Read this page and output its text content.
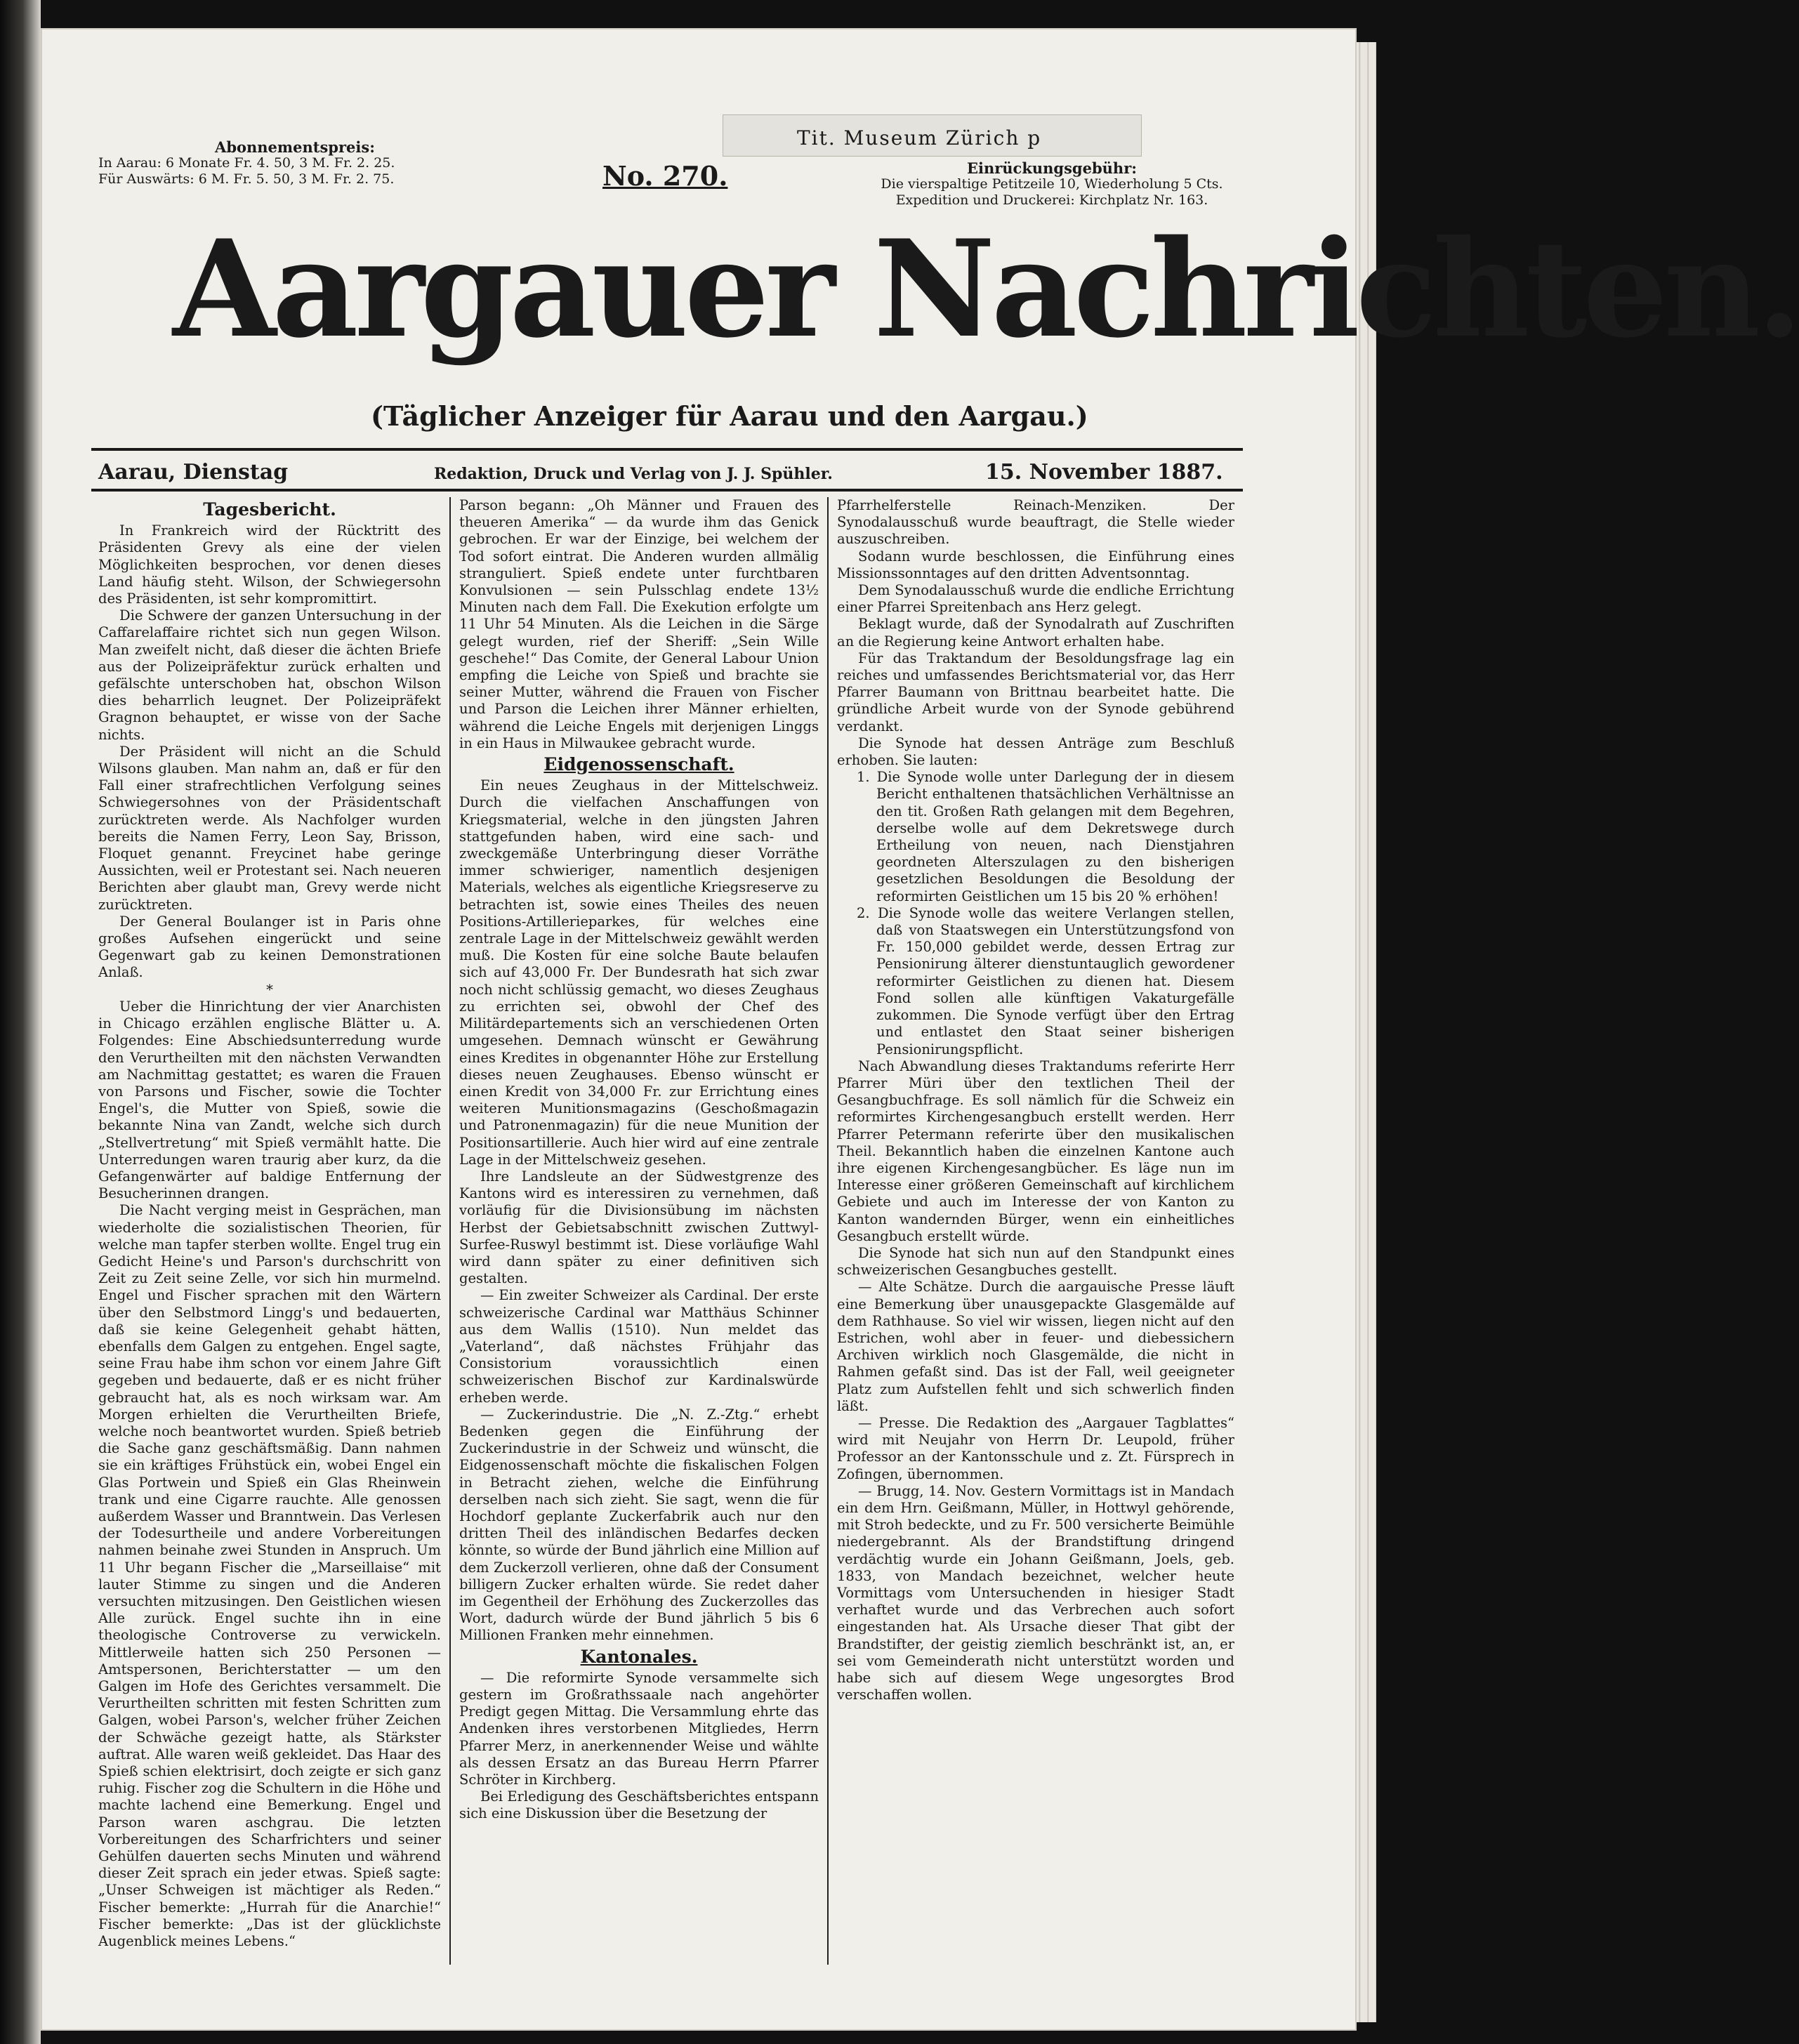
Tit. Museum Zürich p
Abonnementspreis:
In Aarau: 6 Monate Fr. 4. 50, 3 M. Fr. 2. 25.
Für Auswärts: 6 M. Fr. 5. 50, 3 M. Fr. 2. 75.	No. 270.	Einrückungsgebühr:
Die vierspaltige Petitzeile 10, Wiederholung 5 Cts.
Expedition und Druckerei: Kirchplatz Nr. 163.
Aargauer Nachrichten.
(Täglicher Anzeiger für Aarau und den Aargau.)
Aarau, Dienstag	Redaktion, Druck und Verlag von J. J. Spühler.	15. November 1887.
Tagesbericht.

In Frankreich wird der Rücktritt des Präsidenten Grevy als eine der vielen Möglichkeiten besprochen, vor denen dieses Land häufig steht. Wilson, der Schwiegersohn des Präsidenten, ist sehr kompromittirt.

Die Schwere der ganzen Untersuchung in der Caffarelaffaire richtet sich nun gegen Wilson. Man zweifelt nicht, daß dieser die ächten Briefe aus der Polizeipräfektur zurück erhalten und gefälschte unterschoben hat, obschon Wilson dies beharrlich leugnet. Der Polizeipräfekt Gragnon behauptet, er wisse von der Sache nichts.

Der Präsident will nicht an die Schuld Wilsons glauben. Man nahm an, daß er für den Fall einer strafrechtlichen Verfolgung seines Schwiegersohnes von der Präsidentschaft zurücktreten werde. Als Nachfolger wurden bereits die Namen Ferry, Leon Say, Brisson, Floquet genannt. Freycinet habe geringe Aussichten, weil er Protestant sei. Nach neueren Berichten aber glaubt man, Grevy werde nicht zurücktreten.

Der General Boulanger ist in Paris ohne großes Aufsehen eingerückt und seine Gegenwart gab zu keinen Demonstrationen Anlaß.

*

Ueber die Hinrichtung der vier Anarchisten in Chicago erzählen englische Blätter u. A. Folgendes: Eine Abschiedsunterredung wurde den Verurtheilten mit den nächsten Verwandten am Nachmittag gestattet; es waren die Frauen von Parsons und Fischer, sowie die Tochter Engel's, die Mutter von Spieß, sowie die bekannte Nina van Zandt, welche sich durch „Stellvertretung“ mit Spieß vermählt hatte. Die Unterredungen waren traurig aber kurz, da die Gefangenwärter auf baldige Entfernung der Besucherinnen drangen.

Die Nacht verging meist in Gesprächen, man wiederholte die sozialistischen Theorien, für welche man tapfer sterben wollte. Engel trug ein Gedicht Heine's und Parson's durchschritt von Zeit zu Zeit seine Zelle, vor sich hin murmelnd. Engel und Fischer sprachen mit den Wärtern über den Selbstmord Lingg's und bedauerten, daß sie keine Gelegenheit gehabt hätten, ebenfalls dem Galgen zu entgehen. Engel sagte, seine Frau habe ihm schon vor einem Jahre Gift gegeben und bedauerte, daß er es nicht früher gebraucht hat, als es noch wirksam war. Am Morgen erhielten die Verurtheilten Briefe, welche noch beantwortet wurden. Spieß betrieb die Sache ganz geschäftsmäßig. Dann nahmen sie ein kräftiges Frühstück ein, wobei Engel ein Glas Portwein und Spieß ein Glas Rheinwein trank und eine Cigarre rauchte. Alle genossen außerdem Wasser und Branntwein. Das Verlesen der Todesurtheile und andere Vorbereitungen nahmen beinahe zwei Stunden in Anspruch. Um 11 Uhr begann Fischer die „Marseillaise“ mit lauter Stimme zu singen und die Anderen versuchten mitzusingen. Den Geistlichen wiesen Alle zurück. Engel suchte ihn in eine theologische Controverse zu verwickeln. Mittlerweile hatten sich 250 Personen — Amtspersonen, Berichterstatter — um den Galgen im Hofe des Gerichtes versammelt. Die Verurtheilten schritten mit festen Schritten zum Galgen, wobei Parson's, welcher früher Zeichen der Schwäche gezeigt hatte, als Stärkster auftrat. Alle waren weiß gekleidet. Das Haar des Spieß schien elektrisirt, doch zeigte er sich ganz ruhig. Fischer zog die Schultern in die Höhe und machte lachend eine Bemerkung. Engel und Parson waren aschgrau. Die letzten Vorbereitungen des Scharfrichters und seiner Gehülfen dauerten sechs Minuten und während dieser Zeit sprach ein jeder etwas. Spieß sagte: „Unser Schweigen ist mächtiger als Reden.“ Fischer bemerkte: „Hurrah für die Anarchie!“ Fischer bemerkte: „Das ist der glücklichste Augenblick meines Lebens.“

Parson begann: „Oh Männer und Frauen des theueren Amerika“ — da wurde ihm das Genick gebrochen. Er war der Einzige, bei welchem der Tod sofort eintrat. Die Anderen wurden allmälig stranguliert. Spieß endete unter furchtbaren Konvulsionen — sein Pulsschlag endete 13½ Minuten nach dem Fall. Die Exekution erfolgte um 11 Uhr 54 Minuten. Als die Leichen in die Särge gelegt wurden, rief der Sheriff: „Sein Wille geschehe!“ Das Comite, der General Labour Union empfing die Leiche von Spieß und brachte sie seiner Mutter, während die Frauen von Fischer und Parson die Leichen ihrer Männer erhielten, während die Leiche Engels mit derjenigen Linggs in ein Haus in Milwaukee gebracht wurde.

Eidgenossenschaft.

Ein neues Zeughaus in der Mittelschweiz. Durch die vielfachen Anschaffungen von Kriegsmaterial, welche in den jüngsten Jahren stattgefunden haben, wird eine sach- und zweckgemäße Unterbringung dieser Vorräthe immer schwieriger, namentlich desjenigen Materials, welches als eigentliche Kriegsreserve zu betrachten ist, sowie eines Theiles des neuen Positions-Artillerieparkes, für welches eine zentrale Lage in der Mittelschweiz gewählt werden muß. Die Kosten für eine solche Baute belaufen sich auf 43,000 Fr. Der Bundesrath hat sich zwar noch nicht schlüssig gemacht, wo dieses Zeughaus zu errichten sei, obwohl der Chef des Militärdepartements sich an verschiedenen Orten umgesehen. Demnach wünscht er Gewährung eines Kredites in obgenannter Höhe zur Erstellung dieses neuen Zeughauses. Ebenso wünscht er einen Kredit von 34,000 Fr. zur Errichtung eines weiteren Munitionsmagazins (Geschoßmagazin und Patronenmagazin) für die neue Munition der Positionsartillerie. Auch hier wird auf eine zentrale Lage in der Mittelschweiz gesehen.

Ihre Landsleute an der Südwestgrenze des Kantons wird es interessiren zu vernehmen, daß vorläufig für die Divisionsübung im nächsten Herbst der Gebietsabschnitt zwischen Zuttwyl-Surfee-Ruswyl bestimmt ist. Diese vorläufige Wahl wird dann später zu einer definitiven sich gestalten.

— Ein zweiter Schweizer als Cardinal. Der erste schweizerische Cardinal war Matthäus Schinner aus dem Wallis (1510). Nun meldet das „Vaterland“, daß nächstes Frühjahr das Consistorium voraussichtlich einen schweizerischen Bischof zur Kardinalswürde erheben werde.

— Zuckerindustrie. Die „N. Z.-Ztg.“ erhebt Bedenken gegen die Einführung der Zuckerindustrie in der Schweiz und wünscht, die Eidgenossenschaft möchte die fiskalischen Folgen in Betracht ziehen, welche die Einführung derselben nach sich zieht. Sie sagt, wenn die für Hochdorf geplante Zuckerfabrik auch nur den dritten Theil des inländischen Bedarfes decken könnte, so würde der Bund jährlich eine Million auf dem Zuckerzoll verlieren, ohne daß der Consument billigern Zucker erhalten würde. Sie redet daher im Gegentheil der Erhöhung des Zuckerzolles das Wort, dadurch würde der Bund jährlich 5 bis 6 Millionen Franken mehr einnehmen.

Kantonales.

— Die reformirte Synode versammelte sich gestern im Großrathssaale nach angehörter Predigt gegen Mittag. Die Versammlung ehrte das Andenken ihres verstorbenen Mitgliedes, Herrn Pfarrer Merz, in anerkennender Weise und wählte als dessen Ersatz an das Bureau Herrn Pfarrer Schröter in Kirchberg.

Bei Erledigung des Geschäftsberichtes entspann sich eine Diskussion über die Besetzung der

Pfarrhelferstelle Reinach-Menziken. Der Synodalausschuß wurde beauftragt, die Stelle wieder auszuschreiben.

Sodann wurde beschlossen, die Einführung eines Missionssonntages auf den dritten Adventsonntag.

Dem Synodalausschuß wurde die endliche Errichtung einer Pfarrei Spreitenbach ans Herz gelegt.

Beklagt wurde, daß der Synodalrath auf Zuschriften an die Regierung keine Antwort erhalten habe.

Für das Traktandum der Besoldungsfrage lag ein reiches und umfassendes Berichtsmaterial vor, das Herr Pfarrer Baumann von Brittnau bearbeitet hatte. Die gründliche Arbeit wurde von der Synode gebührend verdankt.

Die Synode hat dessen Anträge zum Beschluß erhoben. Sie lauten:

1. Die Synode wolle unter Darlegung der in diesem Bericht enthaltenen thatsächlichen Verhältnisse an den tit. Großen Rath gelangen mit dem Begehren, derselbe wolle auf dem Dekretswege durch Ertheilung von neuen, nach Dienstjahren geordneten Alterszulagen zu den bisherigen gesetzlichen Besoldungen die Besoldung der reformirten Geistlichen um 15 bis 20 % erhöhen!

2. Die Synode wolle das weitere Verlangen stellen, daß von Staatswegen ein Unterstützungsfond von Fr. 150,000 gebildet werde, dessen Ertrag zur Pensionirung älterer dienstuntauglich gewordener reformirter Geistlichen zu dienen hat. Diesem Fond sollen alle künftigen Vakaturgefälle zukommen. Die Synode verfügt über den Ertrag und entlastet den Staat seiner bisherigen Pensionirungspflicht.

Nach Abwandlung dieses Traktandums referirte Herr Pfarrer Müri über den textlichen Theil der Gesangbuchfrage. Es soll nämlich für die Schweiz ein reformirtes Kirchengesangbuch erstellt werden. Herr Pfarrer Petermann referirte über den musikalischen Theil. Bekanntlich haben die einzelnen Kantone auch ihre eigenen Kirchengesangbücher. Es läge nun im Interesse einer größeren Gemeinschaft auf kirchlichem Gebiete und auch im Interesse der von Kanton zu Kanton wandernden Bürger, wenn ein einheitliches Gesangbuch erstellt würde.

Die Synode hat sich nun auf den Standpunkt eines schweizerischen Gesangbuches gestellt.

— Alte Schätze. Durch die aargauische Presse läuft eine Bemerkung über unausgepackte Glasgemälde auf dem Rathhause. So viel wir wissen, liegen nicht auf den Estrichen, wohl aber in feuer- und diebessichern Archiven wirklich noch Glasgemälde, die nicht in Rahmen gefaßt sind. Das ist der Fall, weil geeigneter Platz zum Aufstellen fehlt und sich schwerlich finden läßt.

— Presse. Die Redaktion des „Aargauer Tagblattes“ wird mit Neujahr von Herrn Dr. Leupold, früher Professor an der Kantonsschule und z. Zt. Fürsprech in Zofingen, übernommen.

— Brugg, 14. Nov. Gestern Vormittags ist in Mandach ein dem Hrn. Geißmann, Müller, in Hottwyl gehörende, mit Stroh bedeckte, und zu Fr. 500 versicherte Beimühle niedergebrannt. Als der Brandstiftung dringend verdächtig wurde ein Johann Geißmann, Joels, geb. 1833, von Mandach bezeichnet, welcher heute Vormittags vom Untersuchenden in hiesiger Stadt verhaftet wurde und das Verbrechen auch sofort eingestanden hat. Als Ursache dieser That gibt der Brandstifter, der geistig ziemlich beschränkt ist, an, er sei vom Gemeinderath nicht unterstützt worden und habe sich auf diesem Wege ungesorgtes Brod verschaffen wollen.
